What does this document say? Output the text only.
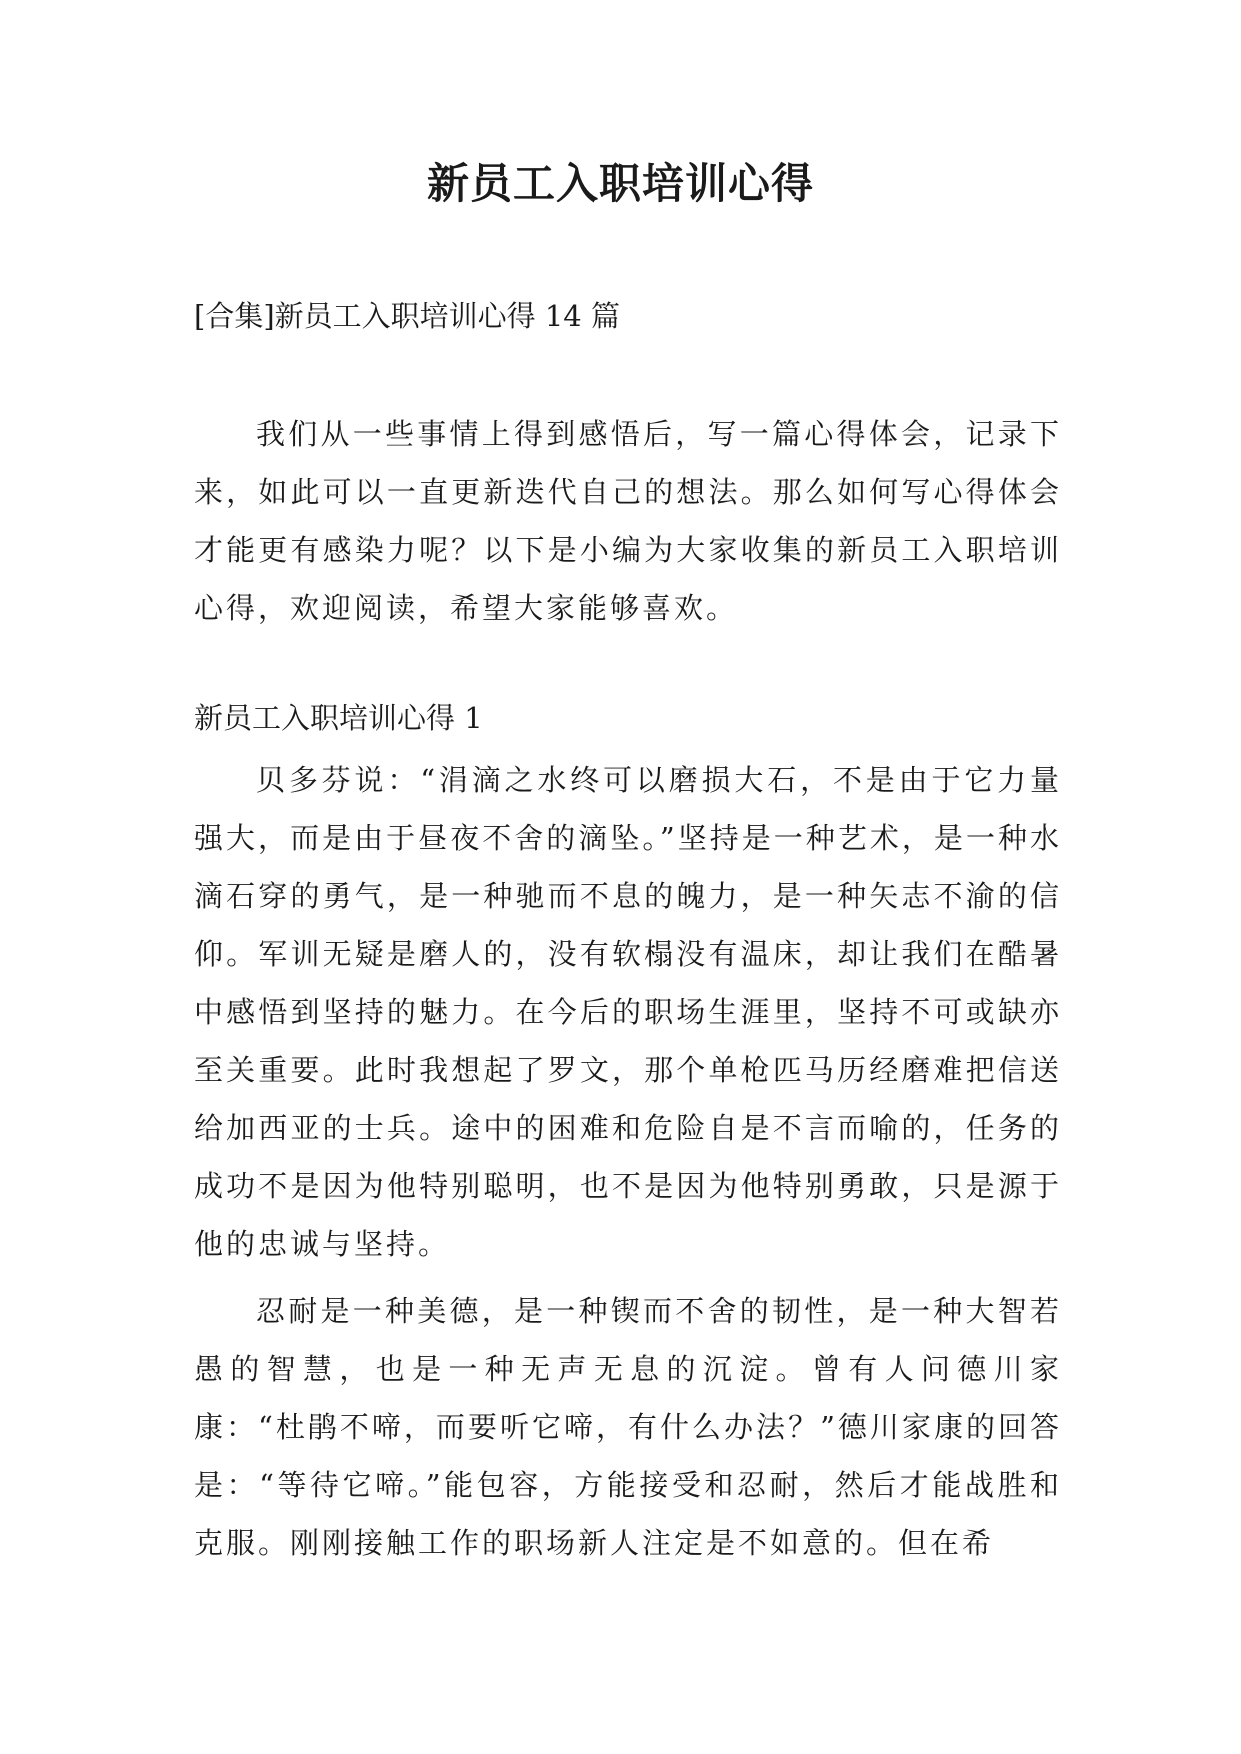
新员工入职培训心得

[合集]新员工入职培训心得 14 篇

我们从一些事情上得到感悟后，写一篇心得体会，记录下来，如此可以一直更新迭代自己的想法。那么如何写心得体会才能更有感染力呢？以下是小编为大家收集的新员工入职培训心得，欢迎阅读，希望大家能够喜欢。

新员工入职培训心得 1

贝多芬说：“涓滴之水终可以磨损大石，不是由于它力量强大，而是由于昼夜不舍的滴坠。”坚持是一种艺术，是一种水滴石穿的勇气，是一种驰而不息的魄力，是一种矢志不渝的信仰。军训无疑是磨人的，没有软榻没有温床，却让我们在酷暑中感悟到坚持的魅力。在今后的职场生涯里，坚持不可或缺亦至关重要。此时我想起了罗文，那个单枪匹马历经磨难把信送给加西亚的士兵。途中的困难和危险自是不言而喻的，任务的成功不是因为他特别聪明，也不是因为他特别勇敢，只是源于他的忠诚与坚持。

忍耐是一种美德，是一种锲而不舍的韧性，是一种大智若愚的智慧，也是一种无声无息的沉淀。曾有人问德川家康：“杜鹃不啼，而要听它啼，有什么办法？”德川家康的回答是：“等待它啼。”能包容，方能接受和忍耐，然后才能战胜和克服。刚刚接触工作的职场新人注定是不如意的。但在希
